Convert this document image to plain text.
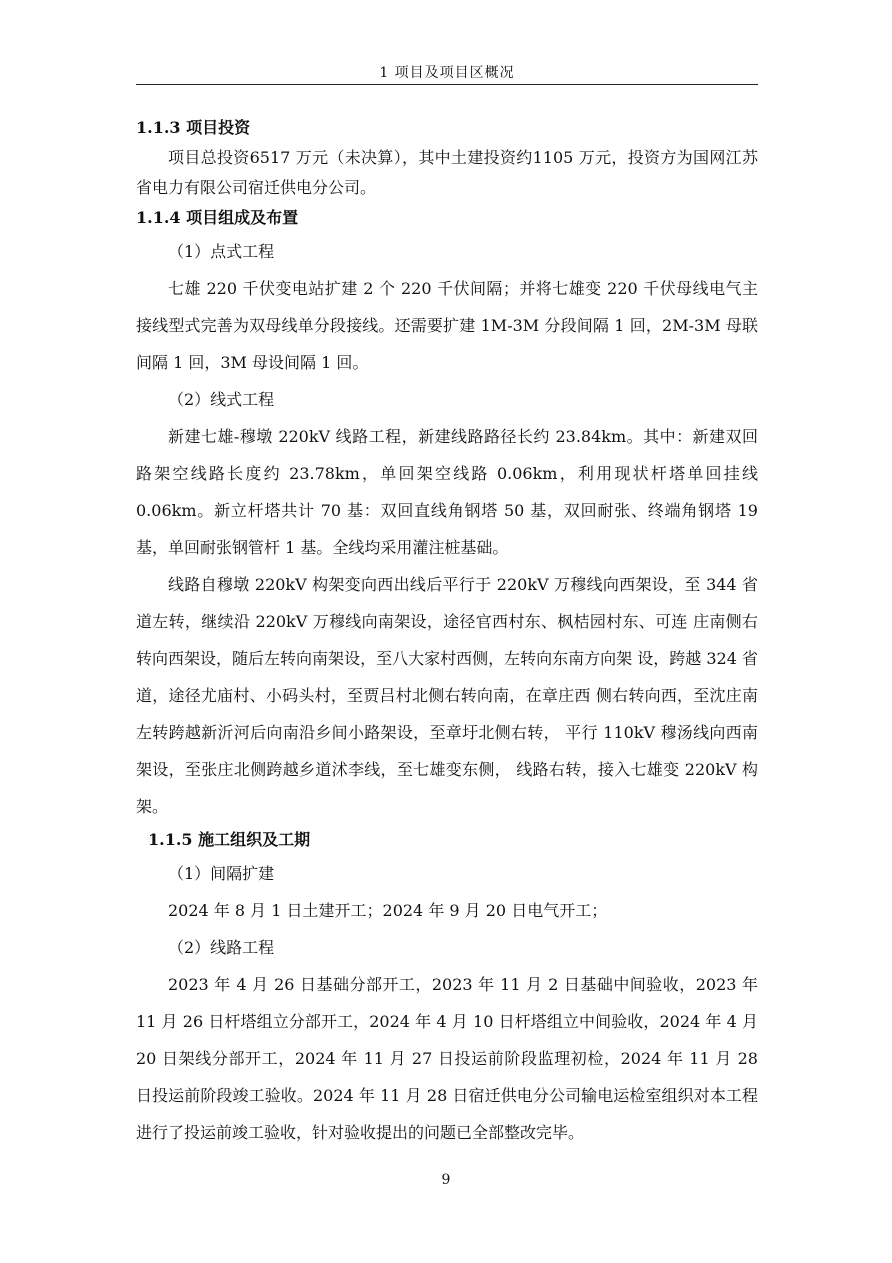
1 项目及项目区概况
1.1.3 项目投资

项目总投资6517 万元（未决算），其中土建投资约1105 万元，投资方为国网江苏省电力有限公司宿迁供电分公司。

1.1.4 项目组成及布置
（1）点式工程

七雄 220 千伏变电站扩建 2 个 220 千伏间隔；并将七雄变 220 千伏母线电气主接线型式完善为双母线单分段接线。还需要扩建 1M-3M 分段间隔 1 回，2M-3M 母联间隔 1 回，3M 母设间隔 1 回。

（2）线式工程

新建七雄-穆墩 220kV 线路工程，新建线路路径长约 23.84km。其中：新建双回路架空线路长度约 23.78km，单回架空线路 0.06km，利用现状杆塔单回挂线0.06km。新立杆塔共计 70 基：双回直线角钢塔 50 基，双回耐张、终端角钢塔 19 基，单回耐张钢管杆 1 基。全线均采用灌注桩基础。

线路自穆墩 220kV 构架变向西出线后平行于 220kV 万穆线向西架设，至 344 省道左转，继续沿 220kV 万穆线向南架设，途径官西村东、枫桔园村东、可连 庄南侧右转向西架设，随后左转向南架设，至八大家村西侧，左转向东南方向架 设，跨越 324 省道，途径尤庙村、小码头村，至贾吕村北侧右转向南，在章庄西 侧右转向西，至沈庄南左转跨越新沂河后向南沿乡间小路架设，至章圩北侧右转， 平行 110kV 穆汤线向西南架设，至张庄北侧跨越乡道沭李线，至七雄变东侧， 线路右转，接入七雄变 220kV 构架。

1.1.5 施工组织及工期
（1）间隔扩建

2024 年 8 月 1 日土建开工；2024 年 9 月 20 日电气开工；

（2）线路工程

2023 年 4 月 26 日基础分部开工，2023 年 11 月 2 日基础中间验收，2023 年 11 月 26 日杆塔组立分部开工，2024 年 4 月 10 日杆塔组立中间验收，2024 年 4 月 20 日架线分部开工，2024 年 11 月 27 日投运前阶段监理初检，2024 年 11 月 28 日投运前阶段竣工验收。2024 年 11 月 28 日宿迁供电分公司输电运检室组织对本工程进行了投运前竣工验收，针对验收提出的问题已全部整改完毕。

9
